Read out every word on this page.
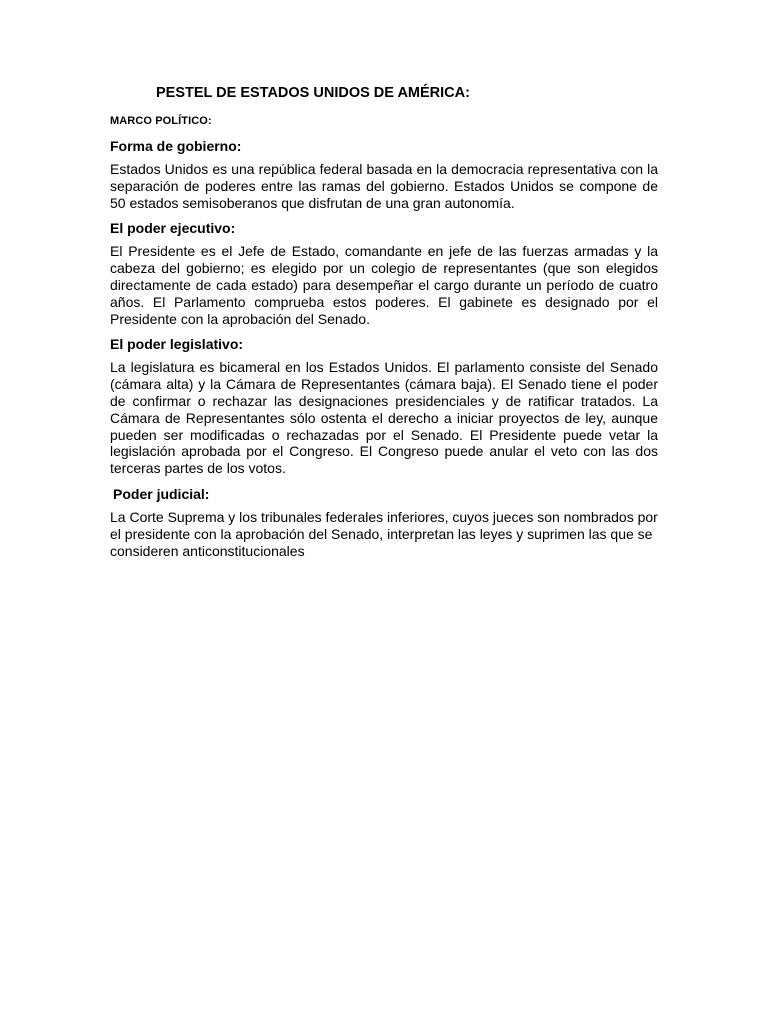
PESTEL DE ESTADOS UNIDOS DE AMÉRICA:
MARCO POLÍTICO:
Forma de gobierno:

Estados Unidos es una república federal basada en la democracia representativa con la separación de poderes entre las ramas del gobierno. Estados Unidos se compone de 50 estados semisoberanos que disfrutan de una gran autonomía.

El poder ejecutivo:

El Presidente es el Jefe de Estado, comandante en jefe de las fuerzas armadas y la cabeza del gobierno; es elegido por un colegio de representantes (que son elegidos directamente de cada estado) para desempeñar el cargo durante un período de cuatro años. El Parlamento comprueba estos poderes. El gabinete es designado por el Presidente con la aprobación del Senado.

El poder legislativo:

La legislatura es bicameral en los Estados Unidos. El parlamento consiste del Senado (cámara alta) y la Cámara de Representantes (cámara baja). El Senado tiene el poder de confirmar o rechazar las designaciones presidenciales y de ratificar tratados. La Cámara de Representantes sólo ostenta el derecho a iniciar proyectos de ley, aunque pueden ser modificadas o rechazadas por el Senado. El Presidente puede vetar la legislación aprobada por el Congreso. El Congreso puede anular el veto con las dos terceras partes de los votos.

Poder judicial:

La Corte Suprema y los tribunales federales inferiores, cuyos jueces son nombrados por el presidente con la aprobación del Senado, interpretan las leyes y suprimen las que se consideren anticonstitucionales
